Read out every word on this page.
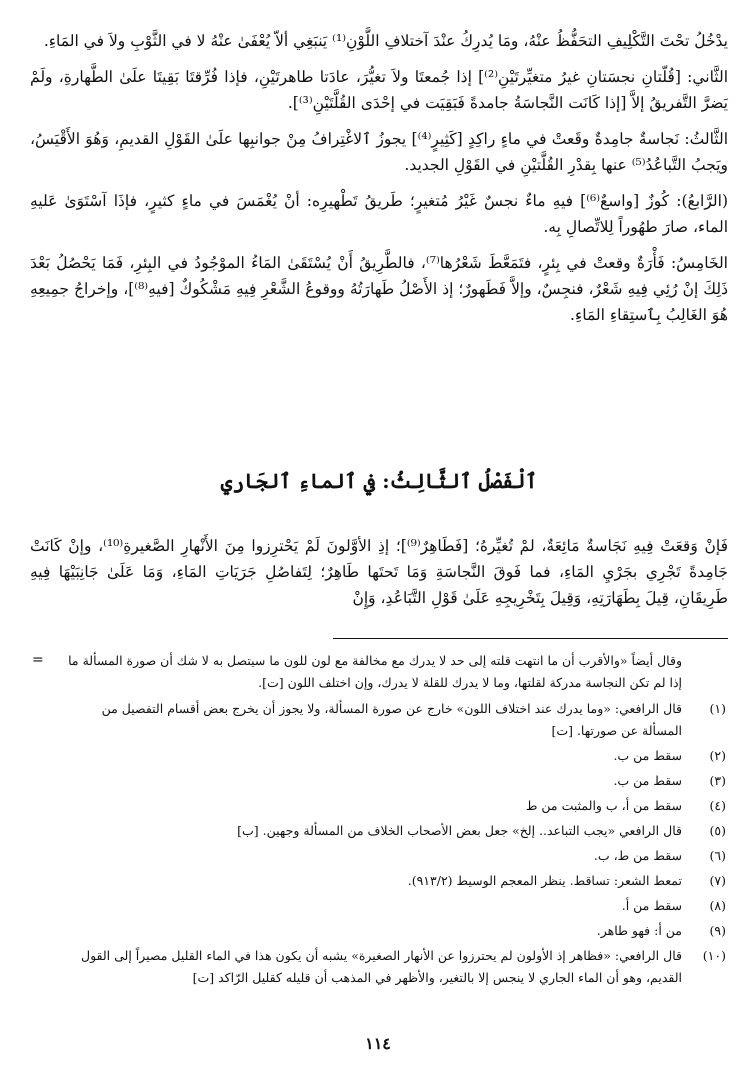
يدْخُلُ تحْتَ التَّكْلِيفِ التحَفُّظُ عنْهُ، ومَا يُدرِكُ عنْدَ آختلافِ اللَّوْنِ⁽¹⁾ يَنبَغِي ألاّ يُعْفَىٰ عنْهُ لا في الثَّوْبِ ولاَ في المَاءِ.

الثَّاني: [قُلّتانِ نجسَتانِ غيرُ متغيِّرتَيْنِ⁽²⁾] إذا جُمعتَا ولاَ تغيُّرَ، عادَتا طاهرتَيْنِ، فإذا فُرِّقتَا بَقِيتَا علَىٰ الطَّهارةِ، ولَمْ يَضرَّ التَّفريقُ إلاَّ [إذا كَانَت النَّجاسَةُ جامدةً فَبَقِيَت في إحْدَى القُلَّتَيْنِ⁽³⁾].

الثَّالثُ: نَجاسةٌ جامِدةٌ وقَعتْ في ماءٍ راكِدٍ [كَثِيرٍ⁽⁴⁾] يجوزُ ٱلاغْتِرافُ مِنْ جوانبِها علَىٰ القَوْلِ القديمِ، وَهُوَ الأَقْيَسُ، ويَجبُ التَّباعُدُ⁽⁵⁾ عنها بِقدْرِ القُلَّتيْنِ في القَوْلِ الجديد.

(الرَّابعُ): كُوزٌ [واسعٌ⁽⁶⁾] فيهِ ماءٌ نجسٌ غَيْرُ مُتغيرٍ؛ طَريقُ تَطْهيرِه: أنْ يُغْمَسَ في ماءٍ كثيرٍ، فإذَا آسْتَوَىٰ عَليهِ الماء، صارَ طهُوراً لِلاتِّصالِ بِه.

الخَامِسُ: فَأْرَةٌ وقعتْ في بِئرٍ، فتَمَعَّطَ شَعْرُها⁽⁷⁾، فالطَّرِيقُ أَنْ يُسْتَقَىٰ المَاءُ الموْجُودُ في البِئرِ، فَمَا يَحْصُلُ بَعْدَ ذَلِكَ إنْ رُئِي فِيهِ شَعْرٌ، فنجِسٌ، وإلاَّ فَطَهورٌ؛ إذ الأَصْلُ طَهارَتُهُ ووقوعُ الشَّعْرِ فِيهِ مَشْكُوكٌ [فيهِ⁽⁸⁾]، وإخراجُ جمِيعِهِ هُوَ الغَالِبُ بِٱستِقاءِ المَاءِ.

ٱلْفَصْلُ ٱلثَّالِثُ: في ٱلماءِ ٱلجَاري
فَإنْ وَقعَتْ فِيهِ نَجَاسةٌ مَائِعَةٌ، لمْ تُغيِّرهُ؛ [فَطَاهِرٌ⁽⁹⁾]؛ إذِ الأوَّلونَ لَمْ يَحْترِزوا مِنَ الأَنْهارِ الصَّغيرةِ⁽¹⁰⁾، وإنْ كَانَتْ جَامِدةً تَجْرِي بجَرْيِ المَاءِ، فما فَوقَ النَّجاسَةِ وَمَا تَحتَها طَاهِرٌ؛ لِتَفاصُلِ جَرَيَاتِ المَاءِ، وَمَا عَلَىٰ جَانِبَيْهَا فِيهِ طَرِيقَانِ، قِيلَ بِطَهَارَتِهِ، وَقِيلَ بِتَخْرِيجِهِ عَلَىٰ قَوْلِ التَّبَاعُدِ، وَإِنْ
=	وقال أيضاً «والأقرب أن ما انتهت قلته إلى حد لا يدرك مع مخالفة مع لون للون ما سيتصل به لا شك أن صورة المسألة ما إذا لم تكن النجاسة مدركة لقلتها، وما لا يدرك للقلة لا يدرك، وإن اختلف اللون [ت].

(١)
قال الرافعي: «وما يدرك عند اختلاف اللون» خارج عن صورة المسألة، ولا يجوز أن يخرج بعض أقسام التفصيل من المسألة عن صورتها. [ت]
(٢)
سقط من ب.
(٣)
سقط من ب.
(٤)
سقط من أ، ب والمثبت من ط
(٥)
قال الرافعي «يجب التباعد.. إلخ» جعل بعض الأصحاب الخلاف من المسألة وجهين. [ب]
(٦)
سقط من ط، ب.
(٧)
تمعط الشعر: تساقط. ينظر المعجم الوسيط (٩١٣/٢).
(٨)
سقط من أ.
(٩)
من أ: فهو طاهر.
(١٠)
قال الرافعي: «فظاهر إذ الأولون لم يحترزوا عن الأنهار الصغيرة» يشبه أن يكون هذا في الماء القليل مصيراً إلى القول القديم، وهو أن الماء الجاري لا ينجس إلا بالتغير، والأظهر في المذهب أن قليله كقليل الرّاكد [ت]
١١٤
